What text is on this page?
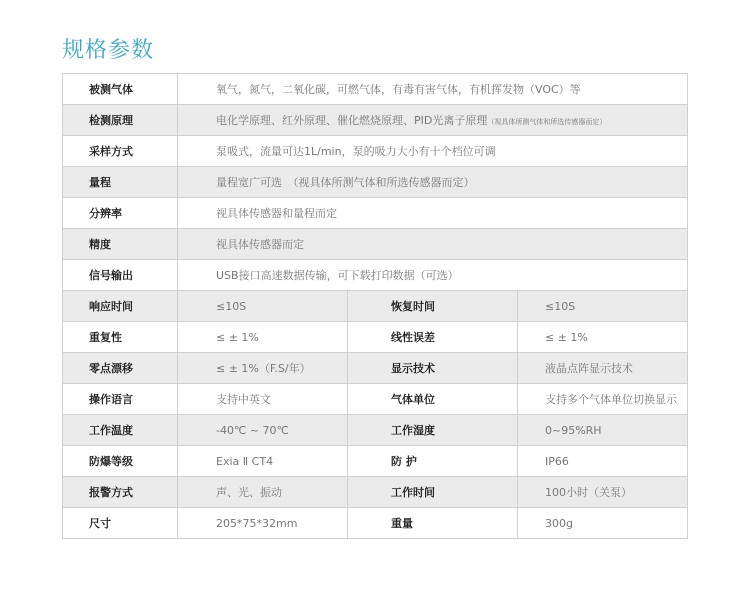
规格参数
被测气体	氧气，氮气，二氧化碳，可燃气体，有毒有害气体，有机挥发物（VOC）等		
检测原理	电化学原理、红外原理、催化燃烧原理、PID光离子原理（视具体所测气体和所选传感器而定）		
采样方式	泵吸式，流量可达1L/min，泵的吸力大小有十个档位可调		
量程	量程宽广可选　（视具体所测气体和所选传感器而定）		
分辨率	视具体传感器和量程而定		
精度	视具体传感器而定		
信号输出	USB接口高速数据传输，可下载打印数据（可选）		
响应时间	≤10S	恢复时间	≤10S
重复性	≤ ± 1%	线性误差	≤ ± 1%
零点漂移	≤ ± 1%（F.S/年）	显示技术	液晶点阵显示技术
操作语言	支持中英文	气体单位	支持多个气体单位切换显示
工作温度	-40℃ ~ 70℃	工作湿度	0~95%RH
防爆等级	Exia Ⅱ CT4	防 护	IP66
报警方式	声、光、振动	工作时间	100小时（关泵）
尺寸	205*75*32mm	重量	300g
